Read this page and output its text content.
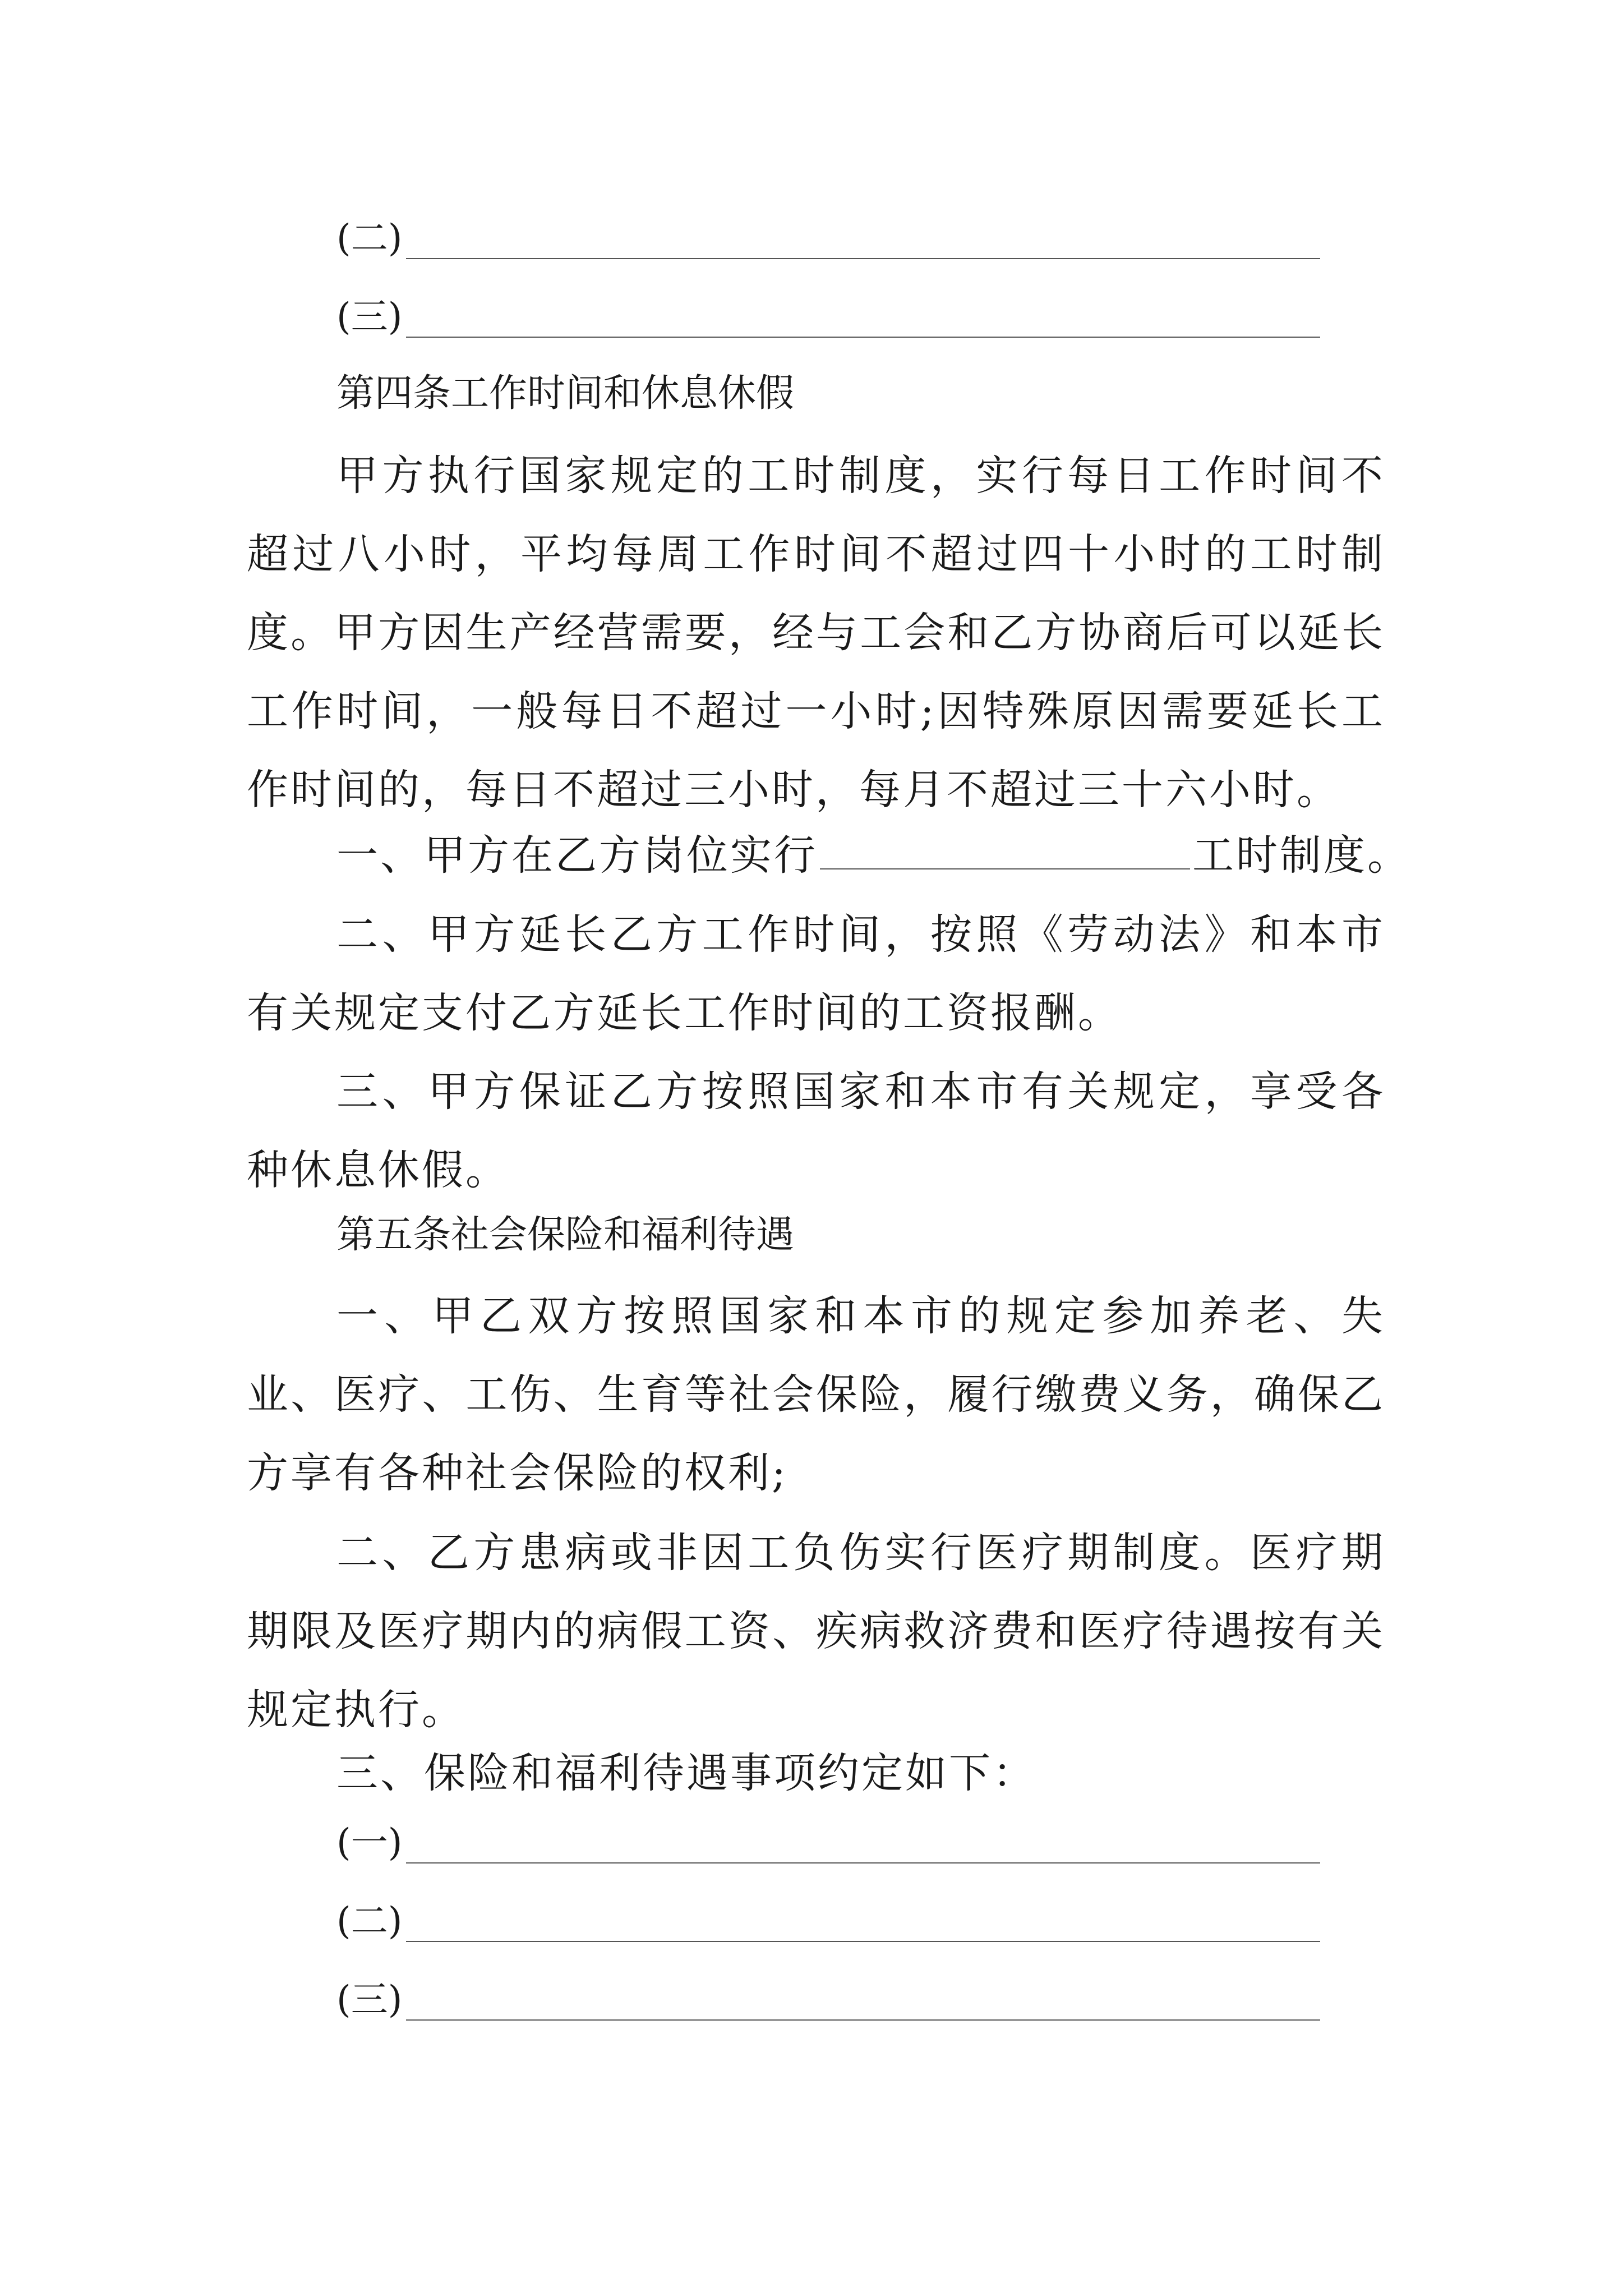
(二)
(三)
第四条工作时间和休息休假

甲方执行国家规定的工时制度，实行每日工作时间不超过八小时，平均每周工作时间不超过四十小时的工时制度。甲方因生产经营需要，经与工会和乙方协商后可以延长工作时间，一般每日不超过一小时;因特殊原因需要延长工作时间的，每日不超过三小时，每月不超过三十六小时。

一、甲方在乙方岗位实行	工时制度。

二、甲方延长乙方工作时间，按照《劳动法》和本市有关规定支付乙方延长工作时间的工资报酬。

三、甲方保证乙方按照国家和本市有关规定，享受各种休息休假。

第五条社会保险和福利待遇

一、甲乙双方按照国家和本市的规定参加养老、失业、医疗、工伤、生育等社会保险，履行缴费义务，确保乙方享有各种社会保险的权利;

二、乙方患病或非因工负伤实行医疗期制度。医疗期期限及医疗期内的病假工资、疾病救济费和医疗待遇按有关规定执行。

三、保险和福利待遇事项约定如下：
(一)
(二)
(三)
